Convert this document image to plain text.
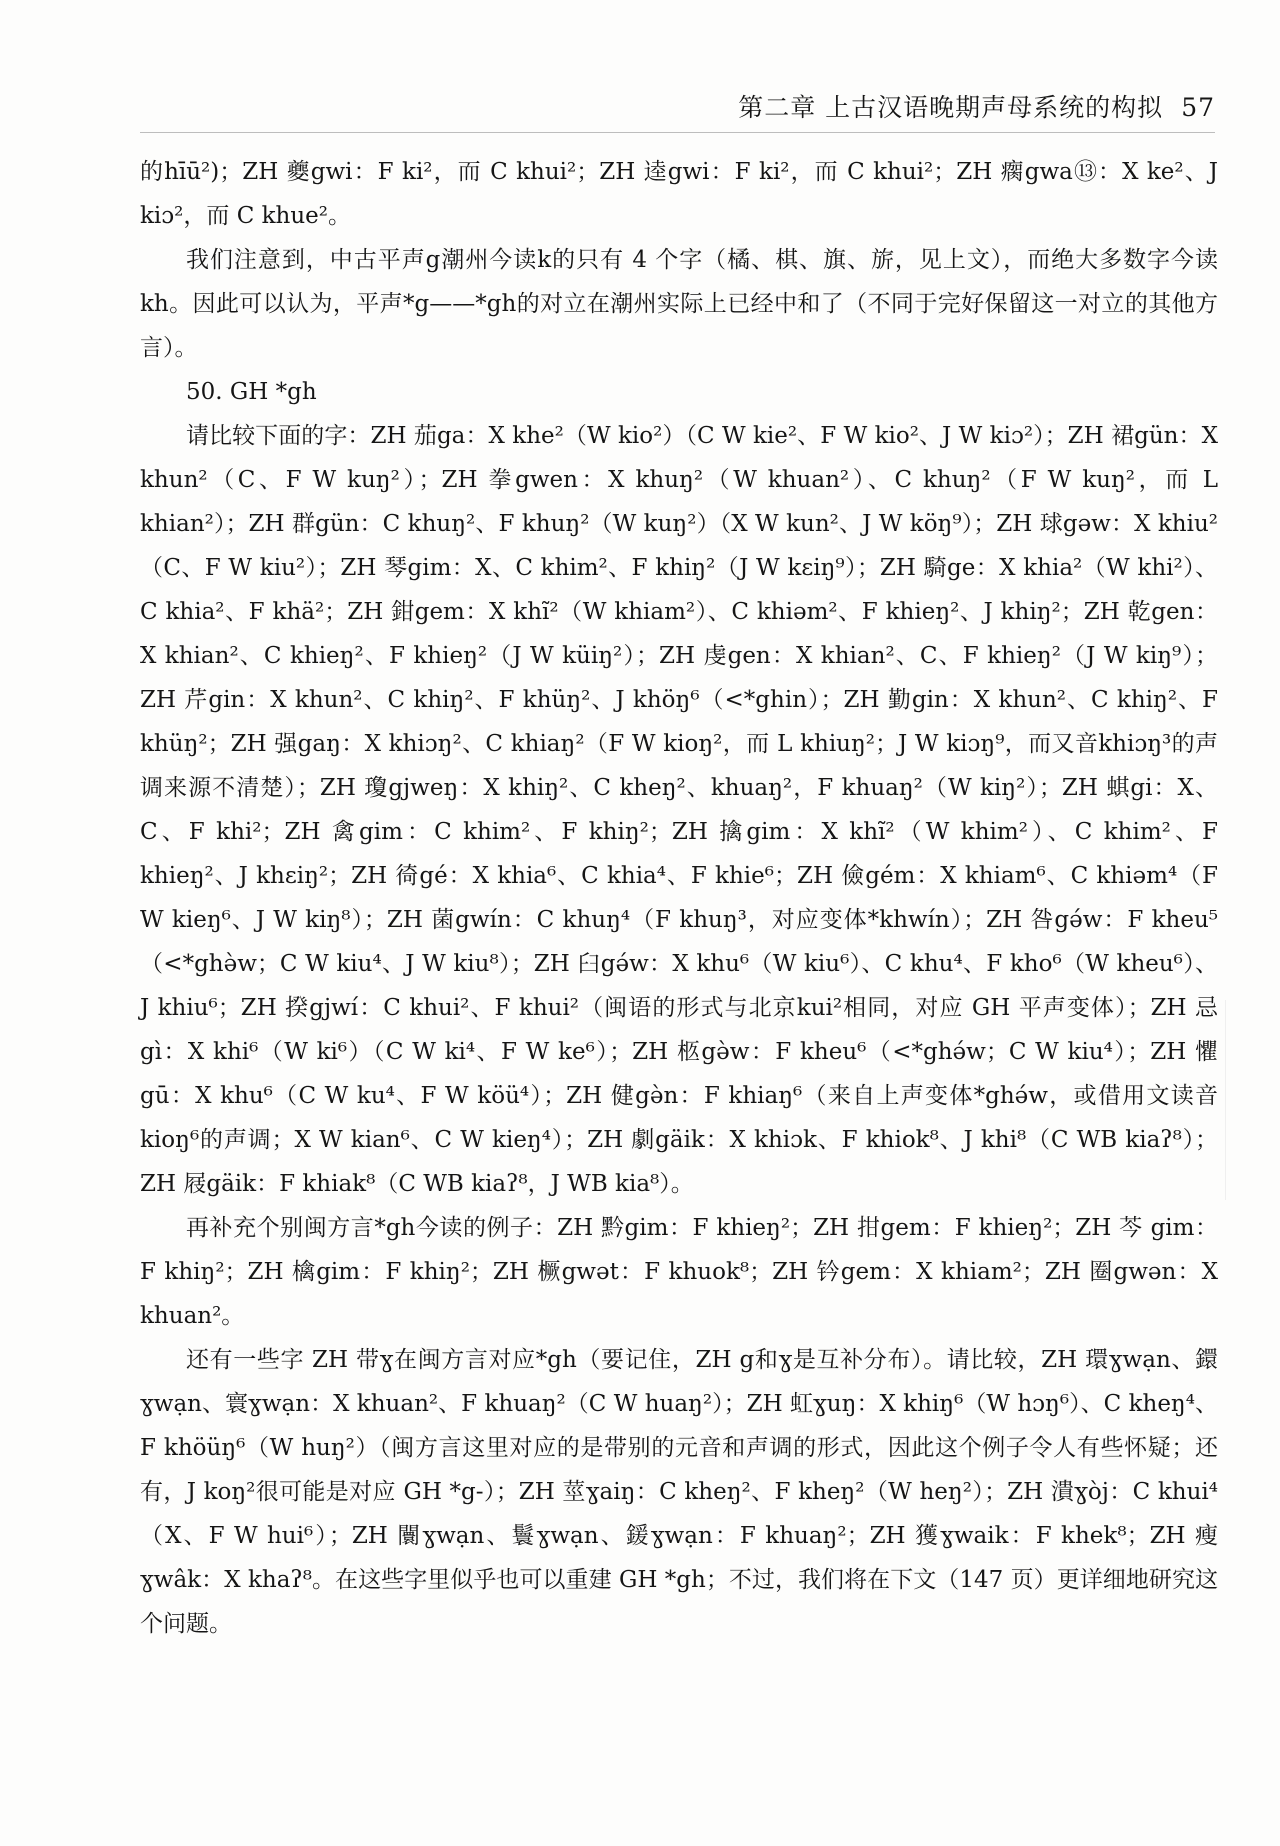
第二章 上古汉语晚期声母系统的构拟 57

的hīū²)；ZH 夔gwi：F ki²，而 C khui²；ZH 逵gwi：F ki²，而 C khui²；ZH 瘸gwa⑬：X ke²、J kiɔ²，而 C khue²。

我们注意到，中古平声g潮州今读k的只有 4 个字（橘、棋、旗、旂，见上文），而绝大多数字今读kh。因此可以认为，平声*g——*gh的对立在潮州实际上已经中和了（不同于完好保留这一对立的其他方言）。

50. GH *gh

请比较下面的字：ZH 茄ga：X khe²（W kio²）（C W kie²、F W kio²、J W kiɔ²）；ZH 裙gün：X khun²（C、F W kuŋ²）；ZH 拳gwen：X khuŋ²（W khuan²）、C khuŋ²（F W kuŋ²，而 L khian²）；ZH 群gün：C khuŋ²、F khuŋ²（W kuŋ²）（X W kun²、J W köŋ⁹）；ZH 球gəw：X khiu²（C、F W kiu²）；ZH 琴gim：X、C khim²、F khiŋ²（J W kɛiŋ⁹）；ZH 騎ge：X khia²（W khi²）、C khia²、F khä²；ZH 鉗gem：X khĩ²（W khiam²）、C khiəm²、F khieŋ²、J khiŋ²；ZH 乾gen：X khian²、C khieŋ²、F khieŋ²（J W küiŋ²）；ZH 虔gen：X khian²、C、F khieŋ²（J W kiŋ⁹）；ZH 芹gin：X khun²、C khiŋ²、F khüŋ²、J khöŋ⁶（<*ghin）；ZH 勤gin：X khun²、C khiŋ²、F khüŋ²；ZH 强gaŋ：X khiɔŋ²、C khiaŋ²（F W kioŋ²，而 L khiuŋ²；J W kiɔŋ⁹，而又音khiɔŋ³的声调来源不清楚）；ZH 瓊gjweŋ：X khiŋ²、C kheŋ²、khuaŋ²，F khuaŋ²（W kiŋ²）；ZH 蜞gi：X、C、F khi²；ZH 禽gim：C khim²、F khiŋ²；ZH 擒gim：X khĩ²（W khim²）、C khim²、F khieŋ²、J khɛiŋ²；ZH 徛gé：X khia⁶、C khia⁴、F khie⁶；ZH 儉gém：X khiam⁶、C khiəm⁴（F W kieŋ⁶、J W kiŋ⁸）；ZH 菌gwín：C khuŋ⁴（F khuŋ³，对应变体*khwín）；ZH 咎gə́w：F kheu⁵（<*ghə̀w；C W kiu⁴、J W kiu⁸）；ZH 臼gə́w：X khu⁶（W kiu⁶）、C khu⁴、F kho⁶（W kheu⁶）、J khiu⁶；ZH 揆gjwí：C khui²、F khui²（闽语的形式与北京kui²相同，对应 GH 平声变体）；ZH 忌gì：X khi⁶（W ki⁶）（C W ki⁴、F W ke⁶）；ZH 柩gə̀w：F kheu⁶（<*ghə́w；C W kiu⁴）；ZH 懼gū：X khu⁶（C W ku⁴、F W köü⁴）；ZH 健gə̀n：F khiaŋ⁶（来自上声变体*ghə́w，或借用文读音kioŋ⁶的声调；X W kian⁶、C W kieŋ⁴）；ZH 劇gäik：X khiɔk、F khiok⁸、J khi⁸（C WB kiaʔ⁸）；ZH 屐gäik：F khiak⁸（C WB kiaʔ⁸，J WB kia⁸）。

再补充个别闽方言*gh今读的例子：ZH 黔gim：F khieŋ²；ZH 拑gem：F khieŋ²；ZH 芩 gim：F khiŋ²；ZH 檎gim：F khiŋ²；ZH 橛gwət：F khuok⁸；ZH 钤gem：X khiam²；ZH 圈gwən：X khuan²。

还有一些字 ZH 带ɣ在闽方言对应*gh（要记住，ZH g和ɣ是互补分布）。请比较，ZH 環ɣwạn、鐶ɣwạn、寰ɣwạn：X khuan²、F khuaŋ²（C W huaŋ²）；ZH 虹ɣuŋ：X khiŋ⁶（W hɔŋ⁶）、C kheŋ⁴、F khöüŋ⁶（W huŋ²）（闽方言这里对应的是带别的元音和声调的形式，因此这个例子令人有些怀疑；还有，J koŋ²很可能是对应 GH *g-）；ZH 莖ɣaiŋ：C kheŋ²、F kheŋ²（W heŋ²）；ZH 潰ɣòj：C khui⁴（X、F W hui⁶）；ZH 闤ɣwạn、鬟ɣwạn、鍰ɣwạn：F khuaŋ²；ZH 獲ɣwaik：F khek⁸；ZH 瘦ɣwâk：X khaʔ⁸。在这些字里似乎也可以重建 GH *gh；不过，我们将在下文（147 页）更详细地研究这个问题。
